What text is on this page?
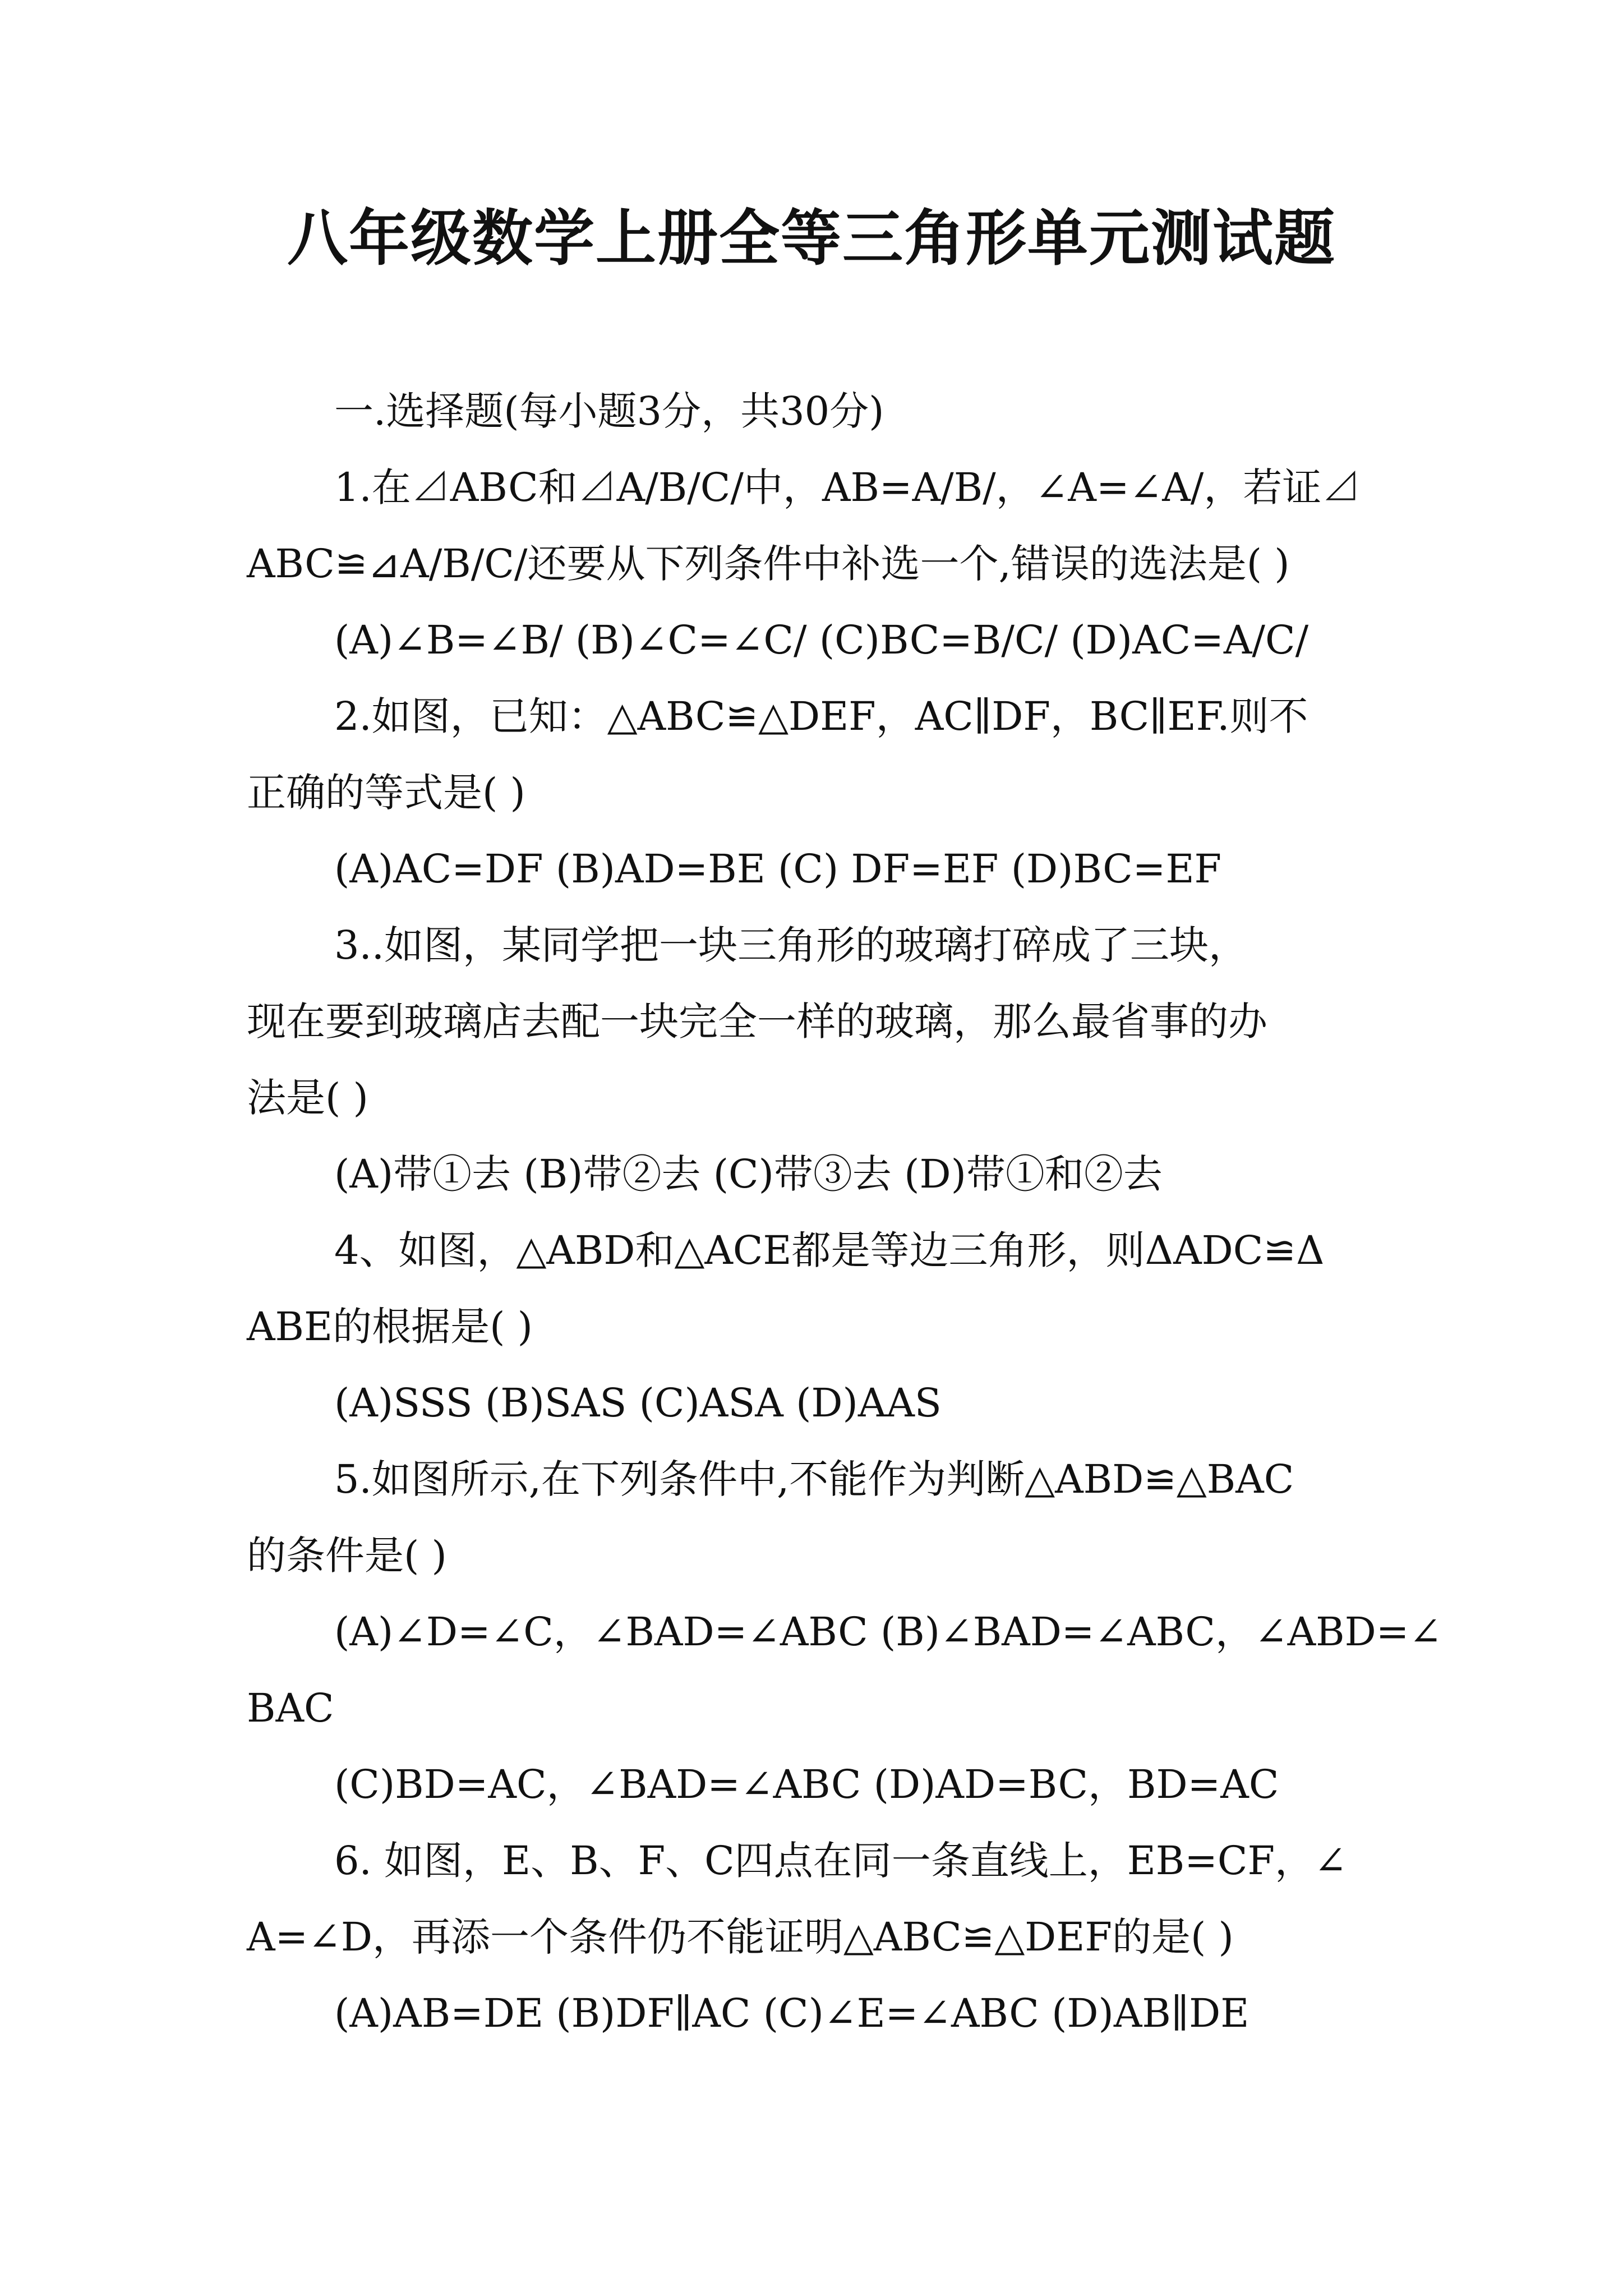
八年级数学上册全等三角形单元测试题

一.选择题(每小题3分，共30分)

1.在⊿ABC和⊿A/B/C/中，AB=A/B/，∠A=∠A/，若证⊿

ABC≌⊿A/B/C/还要从下列条件中补选一个,错误的选法是( )

(A)∠B=∠B/ (B)∠C=∠C/ (C)BC=B/C/ (D)AC=A/C/

2.如图，已知：△ABC≌△DEF，AC∥DF，BC∥EF.则不

正确的等式是( )

(A)AC=DF (B)AD=BE (C) DF=EF (D)BC=EF

3..如图，某同学把一块三角形的玻璃打碎成了三块，

现在要到玻璃店去配一块完全一样的玻璃，那么最省事的办

法是( )

(A)带①去 (B)带②去 (C)带③去 (D)带①和②去

4、如图，△ABD和△ACE都是等边三角形，则ΔADC≌Δ

ABE的根据是( )

(A)SSS (B)SAS (C)ASA (D)AAS

5.如图所示,在下列条件中,不能作为判断△ABD≌△BAC

的条件是( )

(A)∠D=∠C，∠BAD=∠ABC (B)∠BAD=∠ABC，∠ABD=∠

BAC

(C)BD=AC，∠BAD=∠ABC (D)AD=BC，BD=AC

6. 如图，E、B、F、C四点在同一条直线上，EB=CF，∠

A=∠D，再添一个条件仍不能证明△ABC≌△DEF的是( )

(A)AB=DE (B)DF∥AC (C)∠E=∠ABC (D)AB∥DE
